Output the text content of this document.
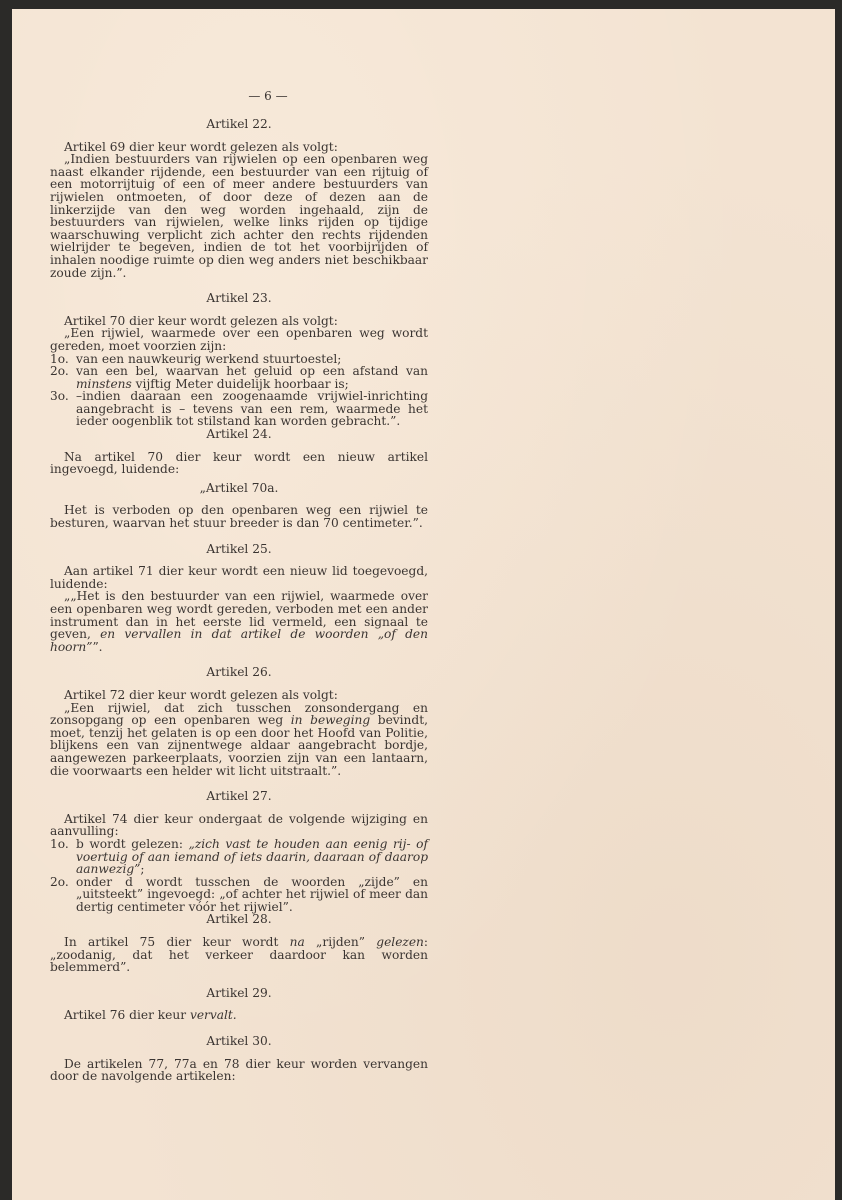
— 6 —
Artikel 22.

Artikel 69 dier keur wordt gelezen als volgt:

„Indien bestuurders van rijwielen op een openbaren weg naast elkander rijdende, een bestuurder van een rijtuig of een motorrijtuig of een of meer andere bestuurders van rijwielen ontmoeten, of door deze of dezen aan de linkerzijde van den weg worden ingehaald, zijn de bestuurders van rijwielen, welke links rijden op tijdige waarschuwing verplicht zich achter den rechts rijdenden wielrijder te begeven, indien de tot het voorbijrijden of inhalen noodige ruimte op dien weg anders niet beschikbaar zoude zijn.”.

Artikel 23.

Artikel 70 dier keur wordt gelezen als volgt:

„Een rijwiel, waarmede over een openbaren weg wordt gereden, moet voorzien zijn:

1o. van een nauwkeurig werkend stuurtoestel;
2o. van een bel, waarvan het geluid op een afstand van minstens vijftig Meter duidelijk hoorbaar is;
3o. –indien daaraan een zoogenaamde vrijwiel-inrichting aangebracht is – tevens van een rem, waarmede het ieder oogenblik tot stilstand kan worden gebracht.”.
Artikel 24.

Na artikel 70 dier keur wordt een nieuw artikel ingevoegd, luidende:

„Artikel 70a.

Het is verboden op den openbaren weg een rijwiel te besturen, waarvan het stuur breeder is dan 70 centimeter.”.

Artikel 25.

Aan artikel 71 dier keur wordt een nieuw lid toegevoegd, luidende:

„„Het is den bestuurder van een rijwiel, waarmede over een openbaren weg wordt gereden, verboden met een ander instrument dan in het eerste lid vermeld, een signaal te geven, en vervallen in dat artikel de woorden „of den hoorn””.

Artikel 26.

Artikel 72 dier keur wordt gelezen als volgt:

„Een rijwiel, dat zich tusschen zonsondergang en zonsopgang op een openbaren weg in beweging bevindt, moet, tenzij het gelaten is op een door het Hoofd van Politie, blijkens een van zijnentwege aldaar aangebracht bordje, aangewezen parkeerplaats, voorzien zijn van een lantaarn, die voorwaarts een helder wit licht uitstraalt.”.

Artikel 27.

Artikel 74 dier keur ondergaat de volgende wijziging en aanvulling:

1o. b wordt gelezen: „zich vast te houden aan eenig rij- of voertuig of aan iemand of iets daarin, daaraan of daarop aanwezig”;
2o. onder d wordt tusschen de woorden „zijde” en „uitsteekt” ingevoegd: „of achter het rijwiel of meer dan dertig centimeter vóór het rijwiel”.
Artikel 28.

In artikel 75 dier keur wordt na „rijden” gelezen: „zoodanig, dat het verkeer daardoor kan worden belemmerd”.

Artikel 29.

Artikel 76 dier keur vervalt.

Artikel 30.

De artikelen 77, 77a en 78 dier keur worden vervangen door de navolgende artikelen:
